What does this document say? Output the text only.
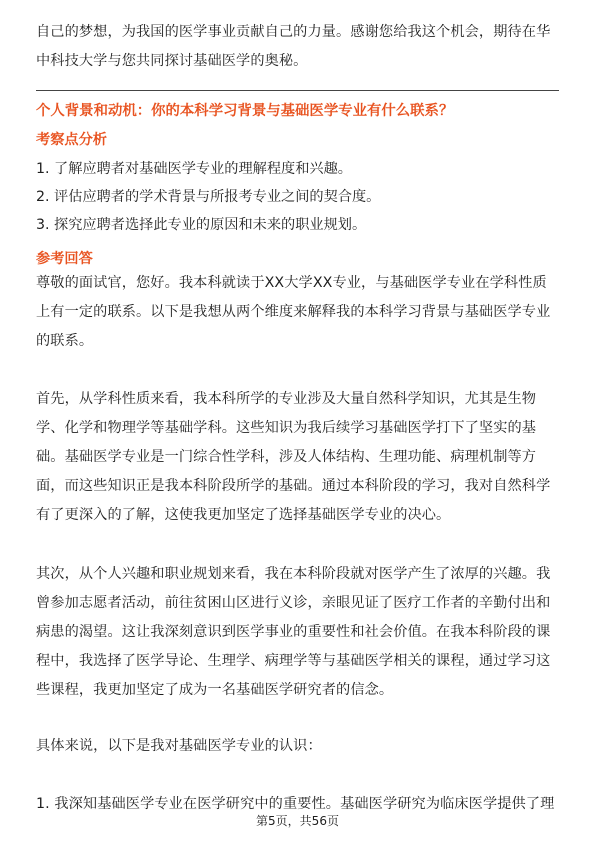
自己的梦想，为我国的医学事业贡献自己的力量。感谢您给我这个机会，期待在华中科技大学与您共同探讨基础医学的奥秘。
个人背景和动机：你的本科学习背景与基础医学专业有什么联系？
考察点分析
1. 了解应聘者对基础医学专业的理解程度和兴趣。
2. 评估应聘者的学术背景与所报考专业之间的契合度。
3. 探究应聘者选择此专业的原因和未来的职业规划。
参考回答
尊敬的面试官，您好。我本科就读于XX大学XX专业，与基础医学专业在学科性质上有一定的联系。以下是我想从两个维度来解释我的本科学习背景与基础医学专业的联系。
首先，从学科性质来看，我本科所学的专业涉及大量自然科学知识，尤其是生物学、化学和物理学等基础学科。这些知识为我后续学习基础医学打下了坚实的基础。基础医学专业是一门综合性学科，涉及人体结构、生理功能、病理机制等方面，而这些知识正是我本科阶段所学的基础。通过本科阶段的学习，我对自然科学有了更深入的了解，这使我更加坚定了选择基础医学专业的决心。
其次，从个人兴趣和职业规划来看，我在本科阶段就对医学产生了浓厚的兴趣。我曾参加志愿者活动，前往贫困山区进行义诊，亲眼见证了医疗工作者的辛勤付出和病患的渴望。这让我深刻意识到医学事业的重要性和社会价值。在我本科阶段的课程中，我选择了医学导论、生理学、病理学等与基础医学相关的课程，通过学习这些课程，我更加坚定了成为一名基础医学研究者的信念。
具体来说，以下是我对基础医学专业的认识：
1. 我深知基础医学专业在医学研究中的重要性。基础医学研究为临床医学提供了理
第5页，共56页
